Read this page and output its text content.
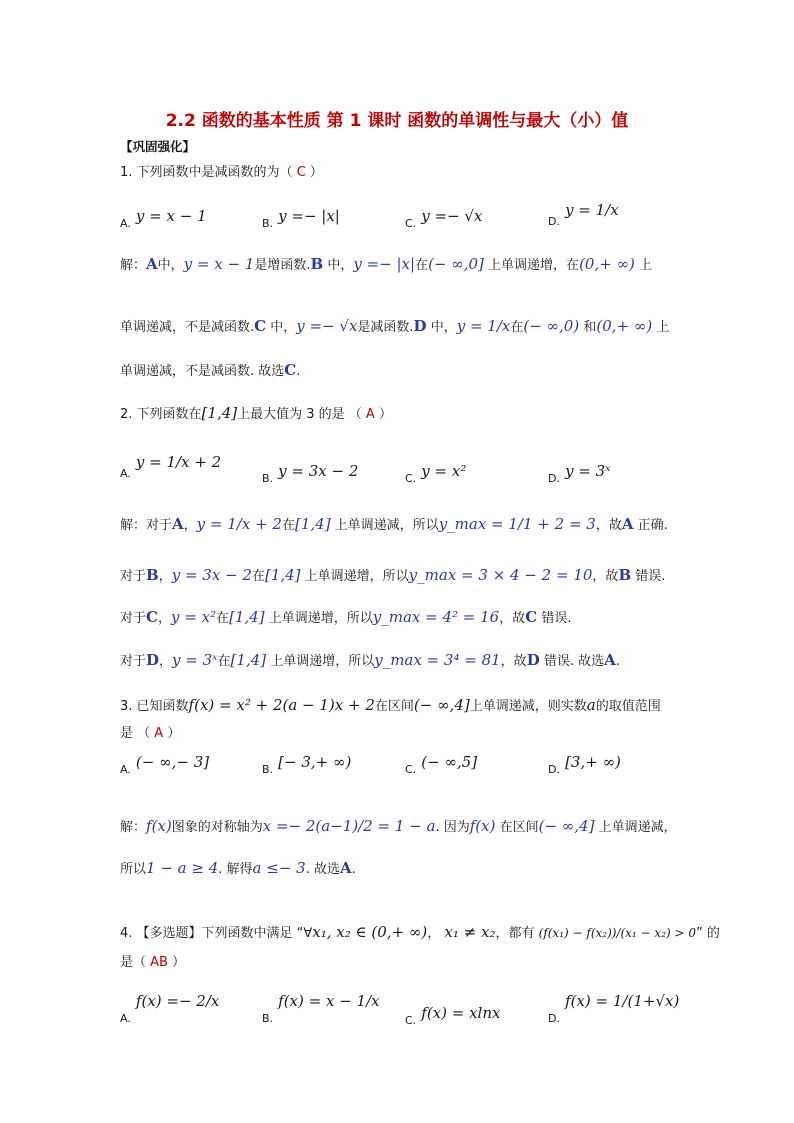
2.2 函数的基本性质 第 1 课时 函数的单调性与最大（小）值
【巩固强化】
1. 下列函数中是减函数的为（ C ）
$_{A.}$ y = x − 1	$_{B.}$ y =− |x|	$_{C.}$ y =− √x	$_{D.}$ y = 1/x
解：A中，y = x − 1是增函数.B 中，y =− |x|在(− ∞,0] 上单调递增，在(0,+ ∞) 上
单调递减，不是减函数.C 中，y =− √x是减函数.D 中，y = 1/x在(− ∞,0) 和(0,+ ∞) 上
单调递减，不是减函数. 故选C.
2. 下列函数在[1,4]上最大值为 3 的是 （ A ）
$_{A.}$ y = 1/x + 2
$_{B.}$ y = 3x − 2	$_{C.}$ y = x²	$_{D.}$ y = 3ˣ
解：对于A，y = 1/x + 2在[1,4] 上单调递减，所以y_max = 1/1 + 2 = 3，故A 正确.
对于B，y = 3x − 2在[1,4] 上单调递增，所以y_max = 3 × 4 − 2 = 10，故B 错误.
对于C，y = x²在[1,4] 上单调递增，所以y_max = 4² = 16，故C 错误.
对于D，y = 3ˣ在[1,4] 上单调递增，所以y_max = 3⁴ = 81，故D 错误. 故选A.
3. 已知函数f(x) = x² + 2(a − 1)x + 2在区间(− ∞,4]上单调递减，则实数a的取值范围
是 （ A ）
$_{A.}$ (− ∞,− 3]	$_{B.}$ [− 3,+ ∞)	$_{C.}$ (− ∞,5]	$_{D.}$ [3,+ ∞)
解：f(x)图象的对称轴为x =− 2(a−1)/2 = 1 − a. 因为f(x) 在区间(− ∞,4] 上单调递减，
所以1 − a ≥ 4. 解得a ≤− 3. 故选A.
4. 【多选题】下列函数中满足 “∀x₁, x₂ ∈ (0,+ ∞)， x₁ ≠ x₂，都有 (f(x₁) − f(x₂))/(x₁ − x₂) > 0” 的
是（ AB ）
$_{A.}$ f(x) =− 2/x
$_{B.}$ f(x) = x − 1/x
$_{C.}$ f(x) = xlnx	$_{D.}$ f(x) = 1/(1+√x)
